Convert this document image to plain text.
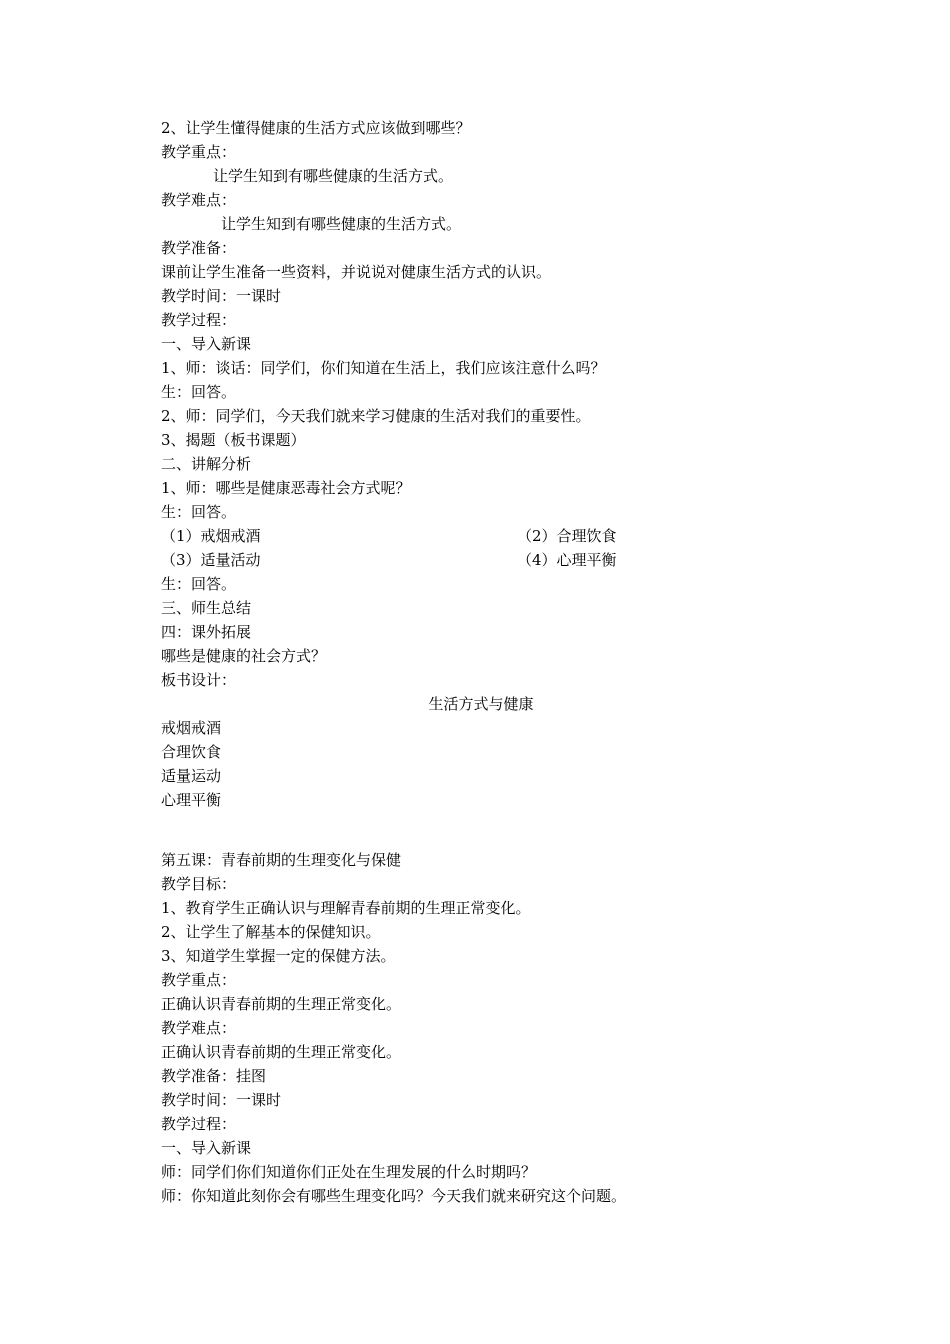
2、让学生懂得健康的生活方式应该做到哪些？
教学重点：
让学生知到有哪些健康的生活方式。
教学难点：
让学生知到有哪些健康的生活方式。
教学准备：
课前让学生准备一些资料，并说说对健康生活方式的认识。
教学时间：一课时
教学过程：
一、导入新课
1、师：谈话：同学们，你们知道在生活上，我们应该注意什么吗？
生：回答。
2、师：同学们，今天我们就来学习健康的生活对我们的重要性。
3、揭题（板书课题）
二、讲解分析
1、师：哪些是健康恶毒社会方式呢？
生：回答。
（1）戒烟戒酒	（2）合理饮食
（3）适量活动	（4）心理平衡
生：回答。
三、师生总结
四：课外拓展
哪些是健康的社会方式？
板书设计：
生活方式与健康
戒烟戒酒
合理饮食
适量运动
心理平衡
第五课：青春前期的生理变化与保健
教学目标：
1、教育学生正确认识与理解青春前期的生理正常变化。
2、让学生了解基本的保健知识。
3、知道学生掌握一定的保健方法。
教学重点：
正确认识青春前期的生理正常变化。
教学难点：
正确认识青春前期的生理正常变化。
教学准备：挂图
教学时间：一课时
教学过程：
一、导入新课
师：同学们你们知道你们正处在生理发展的什么时期吗？
师：你知道此刻你会有哪些生理变化吗？今天我们就来研究这个问题。
